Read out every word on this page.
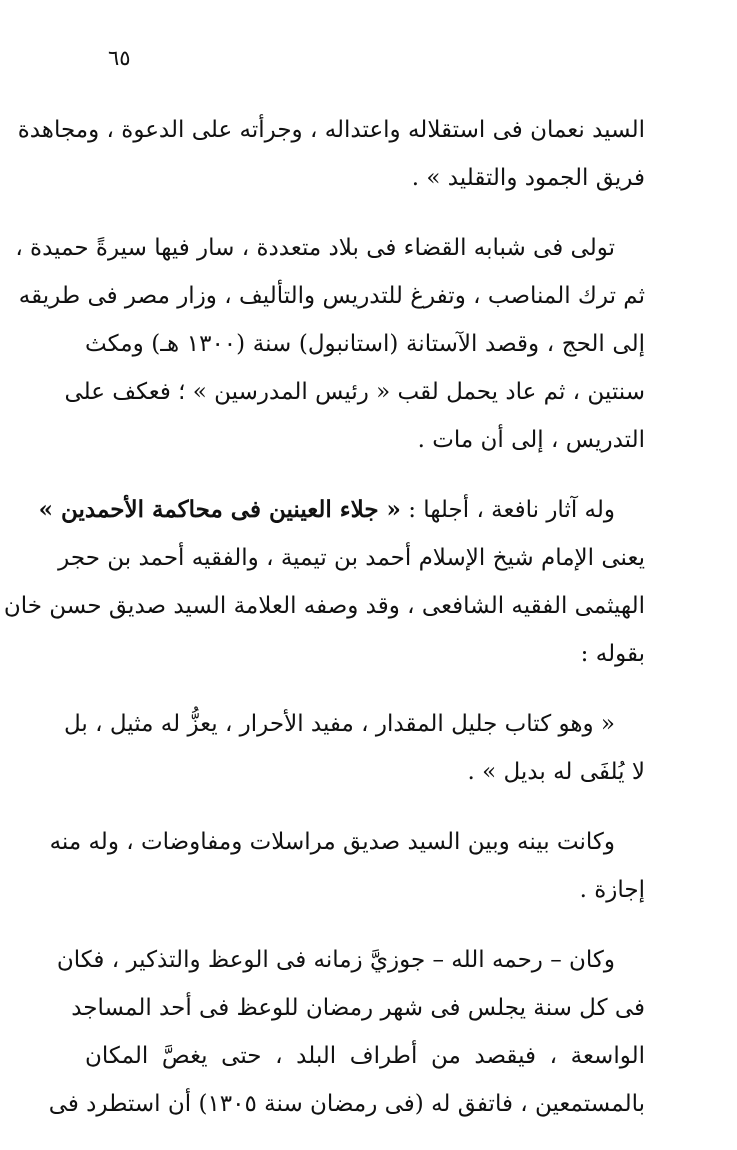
٦٥
السيد نعمان فى استقلاله واعتداله ، وجرأته على الدعوة ، ومجاهدة
فريق الجمود والتقليد » .
تولى فى شبابه القضاء فى بلاد متعددة ، سار فيها سيرةً حميدة ،
ثم ترك المناصب ، وتفرغ للتدريس والتأليف ، وزار مصر فى طريقه
إلى الحج ، وقصد الآستانة (استانبول) سنة (١٣٠٠ هـ) ومكث
سنتين ، ثم عاد يحمل لقب « رئيس المدرسين » ؛ فعكف على
التدريس ، إلى أن مات .
وله آثار نافعة ، أجلها : « جلاء العينين فى محاكمة الأحمدين »
يعنى الإمام شيخ الإسلام أحمد بن تيمية ، والفقيه أحمد بن حجر
الهيثمى الفقيه الشافعى ، وقد وصفه العلامة السيد صديق حسن خان
بقوله :
« وهو كتاب جليل المقدار ، مفيد الأحرار ، يعزُّ له مثيل ، بل
لا يُلفَى له بديل » .
وكانت بينه وبين السيد صديق مراسلات ومفاوضات ، وله منه
إجازة .
وكان – رحمه الله – جوزيَّ زمانه فى الوعظ والتذكير ، فكان
فى كل سنة يجلس فى شهر رمضان للوعظ فى أحد المساجد
الواسعة ، فيقصد من أطراف البلد ، حتى يغصَّ المكان
بالمستمعين ، فاتفق له (فى رمضان سنة ١٣٠٥) أن استطرد فى
